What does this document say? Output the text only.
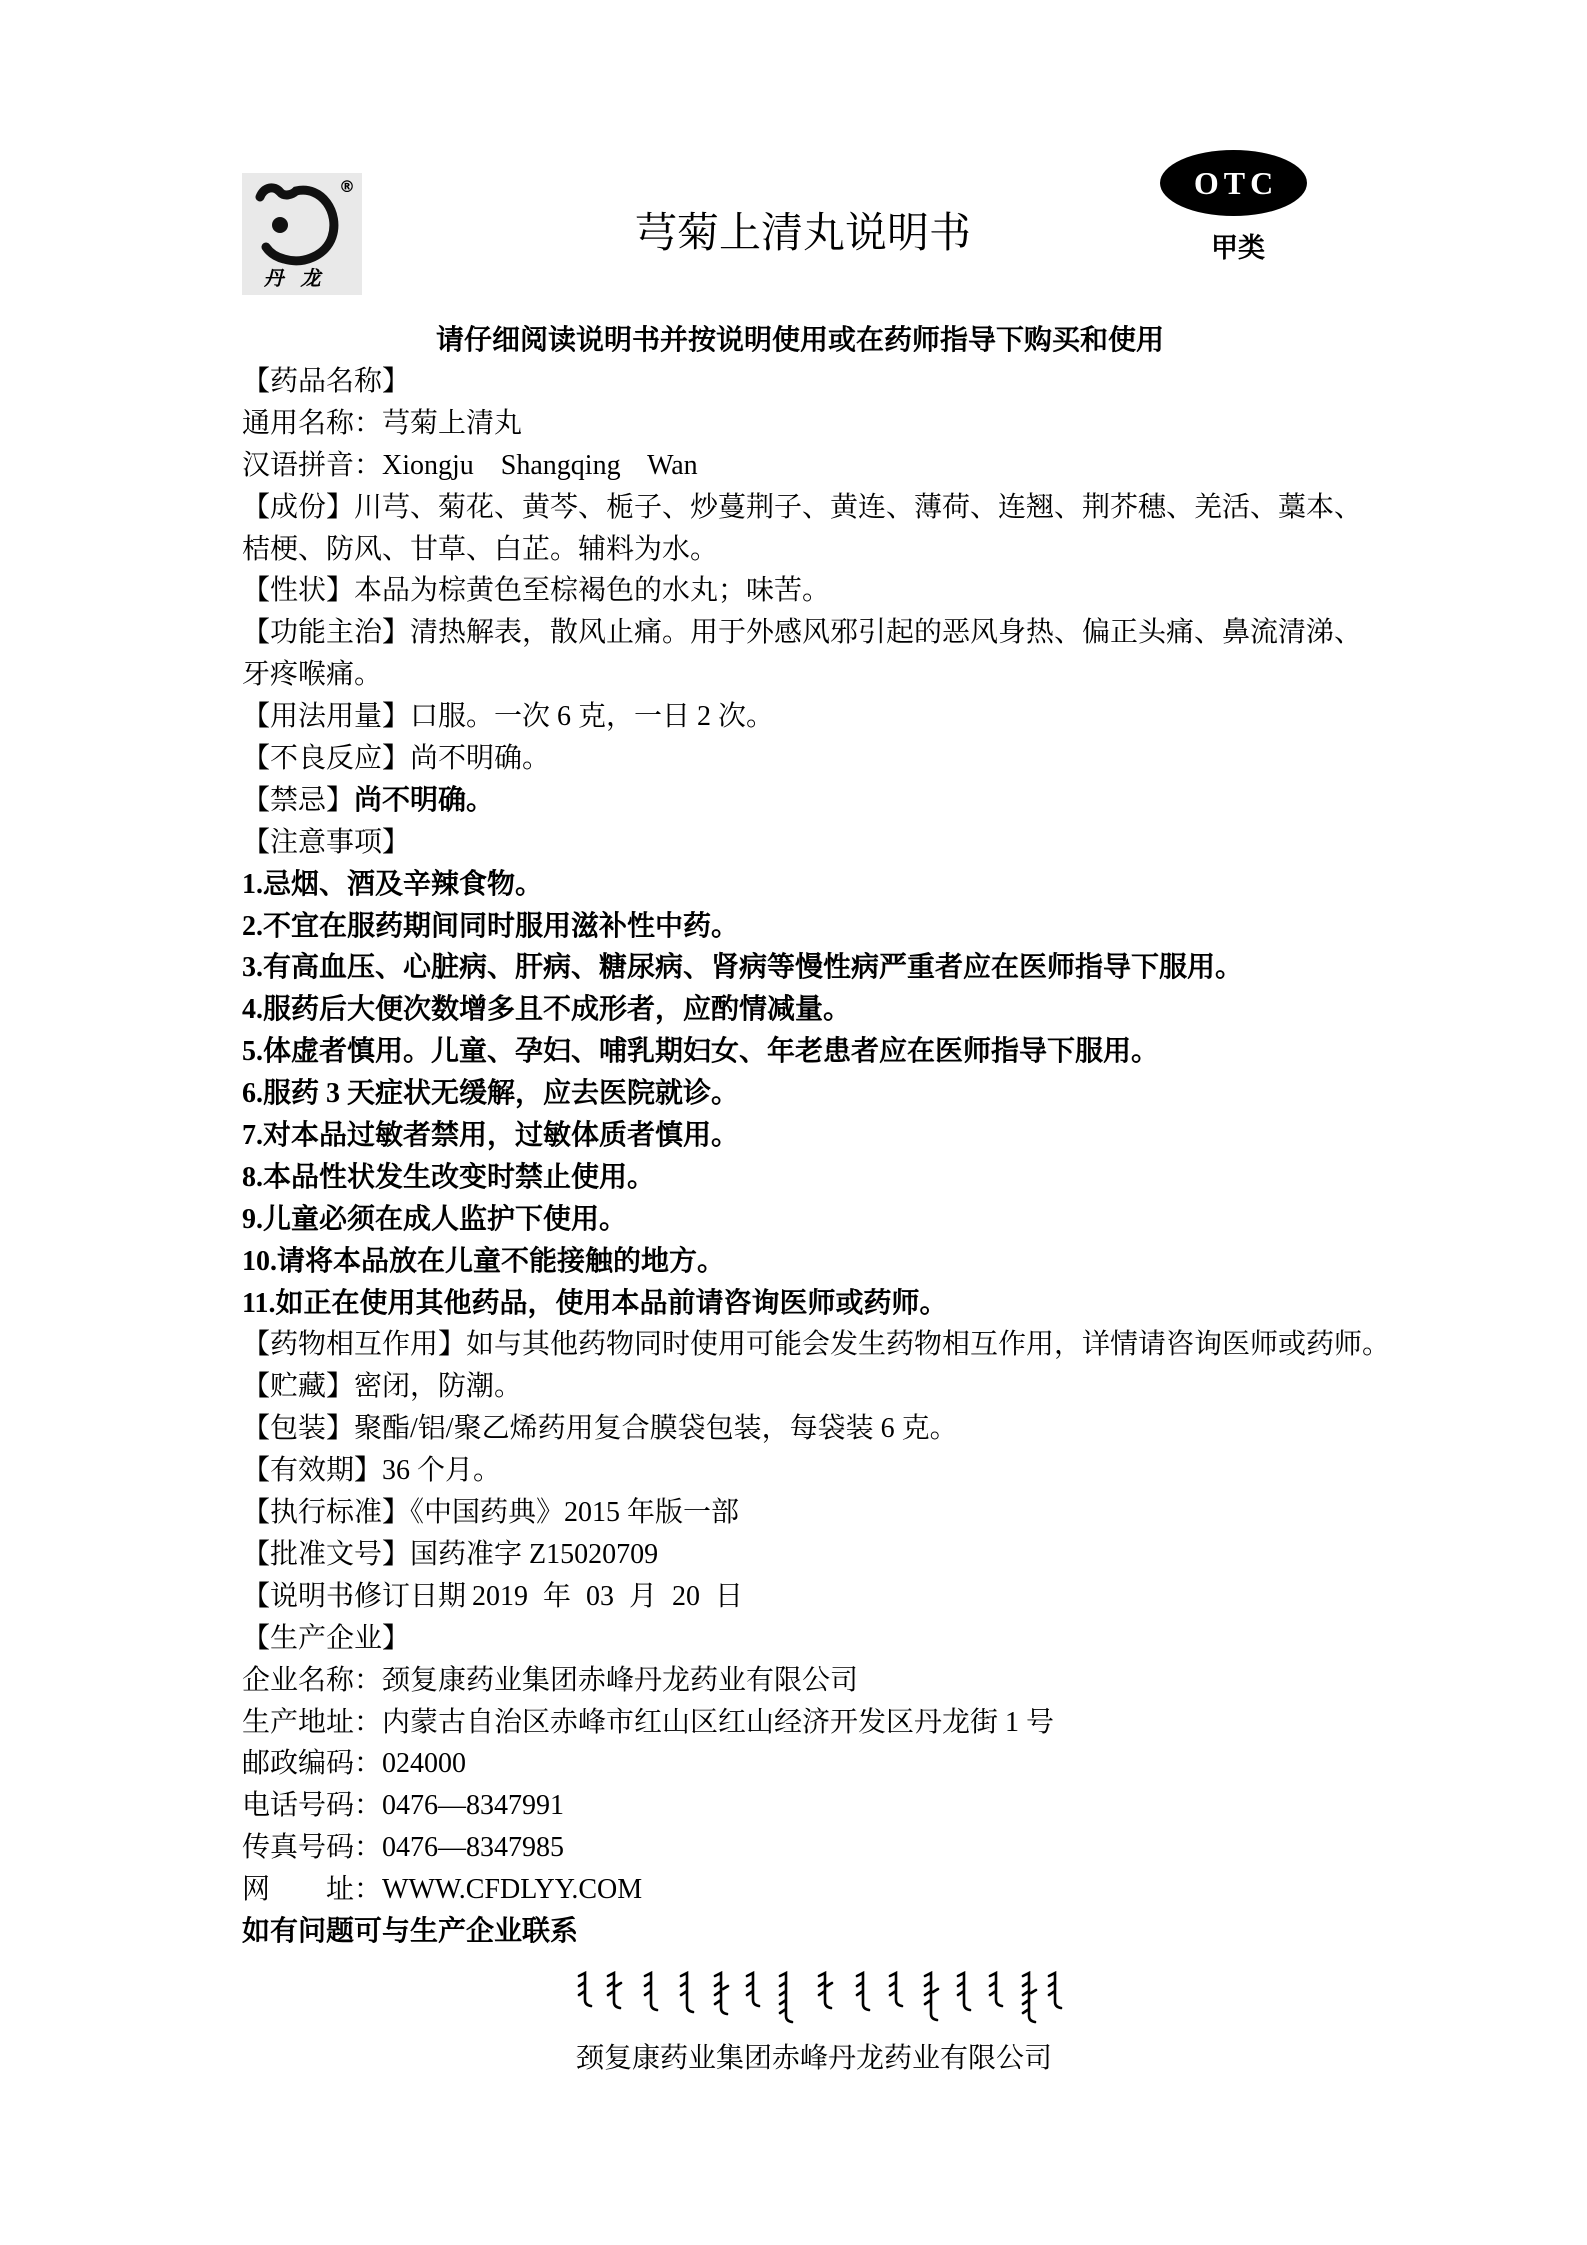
®
丹 龙
芎菊上清丸说明书
OTC
甲类
请仔细阅读说明书并按说明使用或在药师指导下购买和使用
【药品名称】
通用名称：芎菊上清丸
汉语拼音：Xiongju Shangqing Wan
【成份】川芎、菊花、黄芩、栀子、炒蔓荆子、黄连、薄荷、连翘、荆芥穗、羌活、藁本、
桔梗、防风、甘草、白芷。辅料为水。
【性状】本品为棕黄色至棕褐色的水丸；味苦。
【功能主治】清热解表，散风止痛。用于外感风邪引起的恶风身热、偏正头痛、鼻流清涕、
牙疼喉痛。
【用法用量】口服。一次 6 克，一日 2 次。
【不良反应】尚不明确。
【禁忌】尚不明确。
【注意事项】
1.忌烟、酒及辛辣食物。
2.不宜在服药期间同时服用滋补性中药。
3.有高血压、心脏病、肝病、糖尿病、肾病等慢性病严重者应在医师指导下服用。
4.服药后大便次数增多且不成形者，应酌情减量。
5.体虚者慎用。儿童、孕妇、哺乳期妇女、年老患者应在医师指导下服用。
6.服药 3 天症状无缓解，应去医院就诊。
7.对本品过敏者禁用，过敏体质者慎用。
8.本品性状发生改变时禁止使用。
9.儿童必须在成人监护下使用。
10.请将本品放在儿童不能接触的地方。
11.如正在使用其他药品，使用本品前请咨询医师或药师。
【药物相互作用】如与其他药物同时使用可能会发生药物相互作用，详情请咨询医师或药师。
【贮藏】密闭，防潮。
【包装】聚酯/铝/聚乙烯药用复合膜袋包装，每袋装 6 克。
【有效期】36 个月。
【执行标准】《中国药典》2015 年版一部
【批准文号】国药准字 Z15020709
【说明书修订日期 2019 年 03 月 20 日
【生产企业】
企业名称：颈复康药业集团赤峰丹龙药业有限公司
生产地址：内蒙古自治区赤峰市红山区红山经济开发区丹龙街 1 号
邮政编码：024000
电话号码：0476—8347991
传真号码：0476—8347985
网　　址：WWW.CFDLYY.COM
如有问题可与生产企业联系
颈复康药业集团赤峰丹龙药业有限公司
